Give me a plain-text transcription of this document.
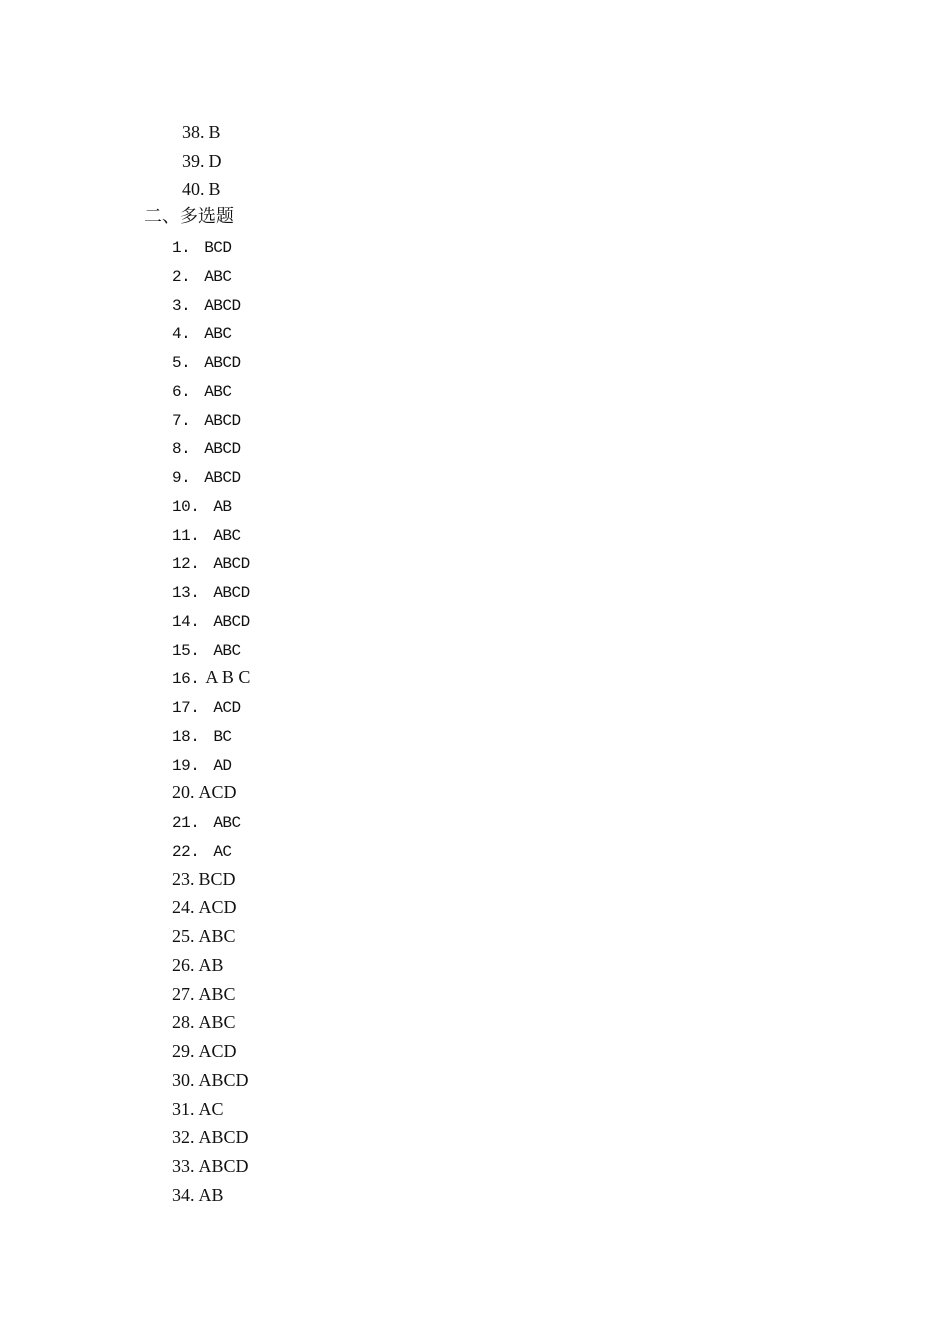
38. B
39. D
40. B
二、多选题
1. BCD
2. ABC
3. ABCD
4. ABC
5. ABCD
6. ABC
7. ABCD
8. ABCD
9. ABCD
10. AB
11. ABC
12. ABCD
13. ABCD
14. ABCD
15. ABC
16. A B C
17. ACD
18. BC
19. AD
20. ACD
21. ABC
22. AC
23. BCD
24. ACD
25. ABC
26. AB
27. ABC
28. ABC
29. ACD
30. ABCD
31. AC
32. ABCD
33. ABCD
34. AB
